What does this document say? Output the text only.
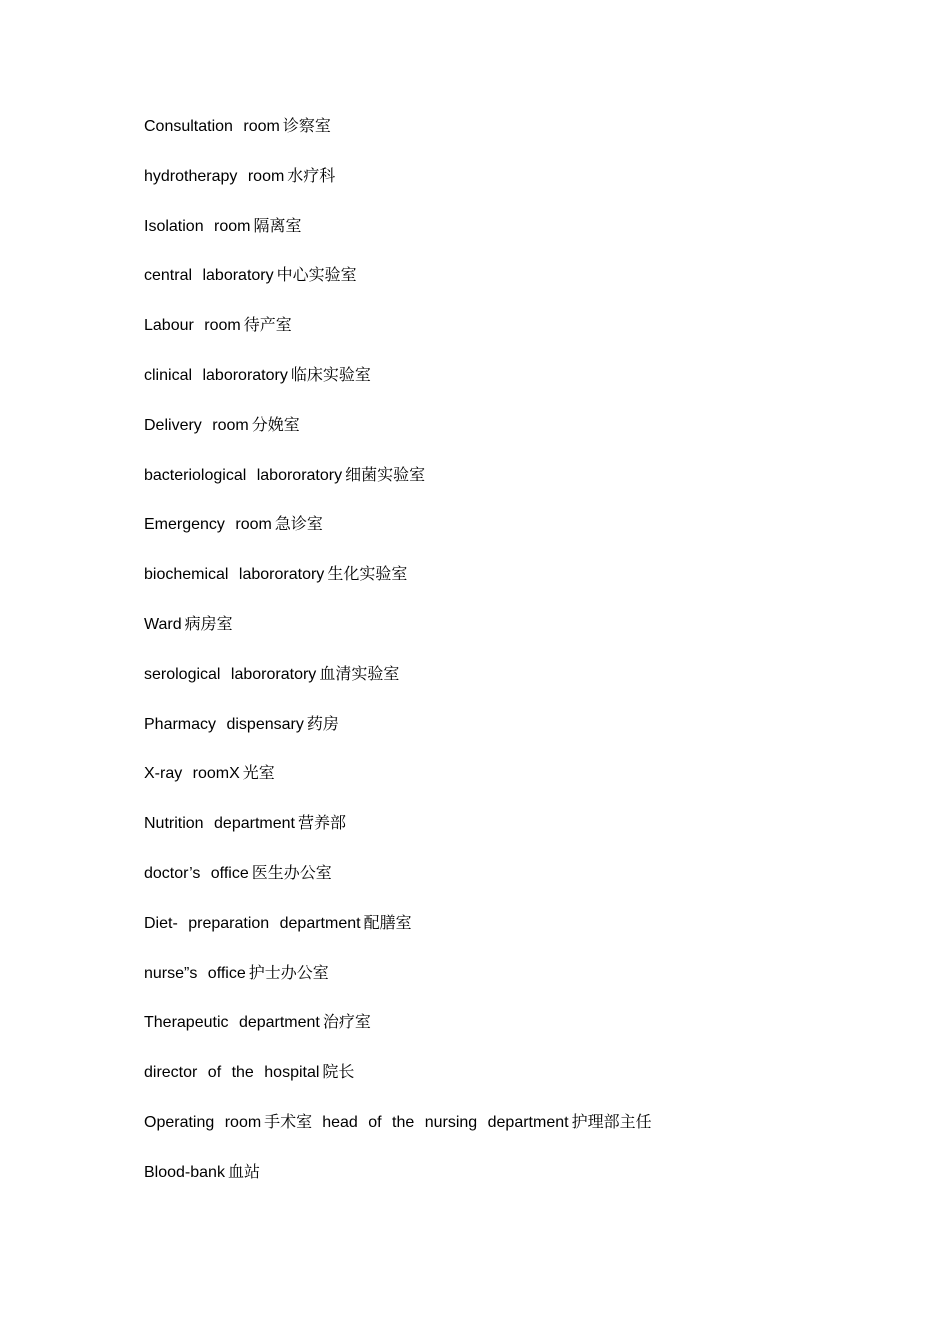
Consultation room 诊察室
hydrotherapy room 水疗科
Isolation room 隔离室
central laboratory 中心实验室
Labour room 待产室
clinical labororatory 临床实验室
Delivery room 分娩室
bacteriological labororatory 细菌实验室
Emergency room 急诊室
biochemical labororatory 生化实验室
Ward 病房室
serological labororatory 血清实验室
Pharmacy dispensary 药房
X-ray roomX 光室
Nutrition department 营养部
doctor’s office 医生办公室
Diet- preparation department 配膳室
nurse”s office 护士办公室
Therapeutic department 治疗室
director of the hospital 院长
Operating room 手术室 head of the nursing department 护理部主任
Blood-bank 血站
